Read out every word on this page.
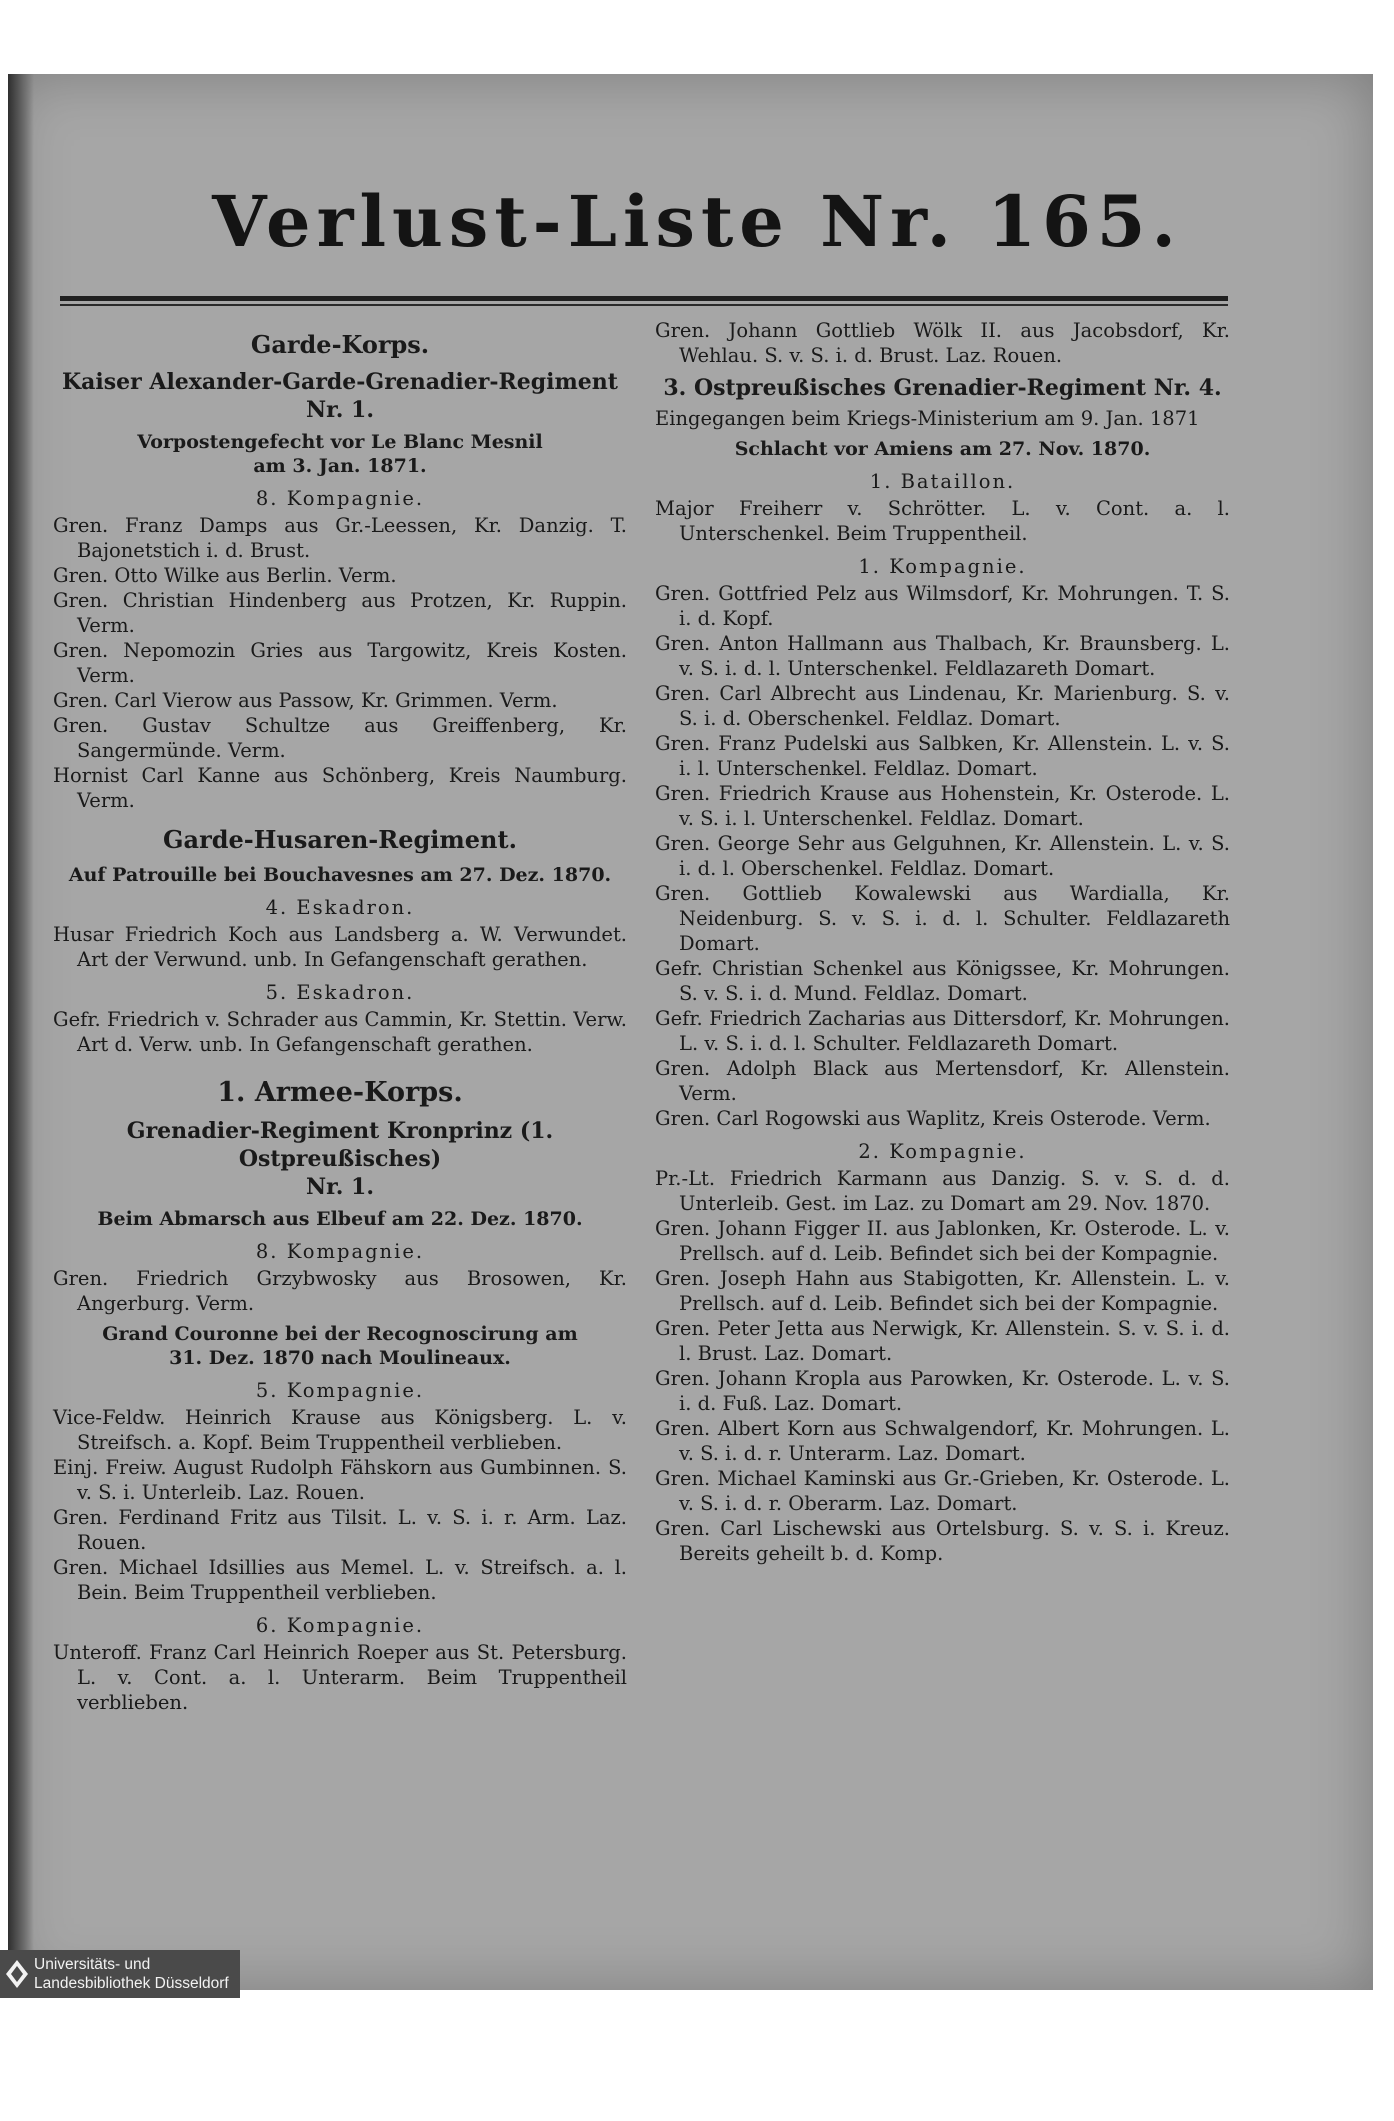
Verlust-Liste Nr. 165.
Garde-Korps.
Kaiser Alexander-Garde-Grenadier-Regiment
Nr. 1.
Vorpostengefecht vor Le Blanc Mesnil
am 3. Jan. 1871.
8. Kompagnie.
Gren. Franz Damps aus Gr.-Leessen, Kr. Danzig. T. Bajonetstich i. d. Brust.
Gren. Otto Wilke aus Berlin. Verm.
Gren. Christian Hindenberg aus Protzen, Kr. Ruppin. Verm.
Gren. Nepomozin Gries aus Targowitz, Kreis Kosten. Verm.
Gren. Carl Vierow aus Passow, Kr. Grimmen. Verm.
Gren. Gustav Schultze aus Greiffenberg, Kr. Sangermünde. Verm.
Hornist Carl Kanne aus Schönberg, Kreis Naumburg. Verm.
Garde-Husaren-Regiment.
Auf Patrouille bei Bouchavesnes am 27. Dez. 1870.
4. Eskadron.
Husar Friedrich Koch aus Landsberg a. W. Verwundet. Art der Verwund. unb. In Gefangenschaft gerathen.
5. Eskadron.
Gefr. Friedrich v. Schrader aus Cammin, Kr. Stettin. Verw. Art d. Verw. unb. In Gefangenschaft gerathen.
1. Armee-Korps.
Grenadier-Regiment Kronprinz (1. Ostpreußisches)
Nr. 1.
Beim Abmarsch aus Elbeuf am 22. Dez. 1870.
8. Kompagnie.
Gren. Friedrich Grzybwosky aus Brosowen, Kr. Angerburg. Verm.
Grand Couronne bei der Recognoscirung am
31. Dez. 1870 nach Moulineaux.
5. Kompagnie.
Vice-Feldw. Heinrich Krause aus Königsberg. L. v. Streifsch. a. Kopf. Beim Truppentheil verblieben.
Einj. Freiw. August Rudolph Fähskorn aus Gumbinnen. S. v. S. i. Unterleib. Laz. Rouen.
Gren. Ferdinand Fritz aus Tilsit. L. v. S. i. r. Arm. Laz. Rouen.
Gren. Michael Idsillies aus Memel. L. v. Streifsch. a. l. Bein. Beim Truppentheil verblieben.
6. Kompagnie.
Unteroff. Franz Carl Heinrich Roeper aus St. Petersburg. L. v. Cont. a. l. Unterarm. Beim Truppentheil verblieben.
Gren. Johann Gottlieb Wölk II. aus Jacobsdorf, Kr. Wehlau. S. v. S. i. d. Brust. Laz. Rouen.
3. Ostpreußisches Grenadier-Regiment Nr. 4.
Eingegangen beim Kriegs-Ministerium am 9. Jan. 1871
Schlacht vor Amiens am 27. Nov. 1870.
1. Bataillon.
Major Freiherr v. Schrötter. L. v. Cont. a. l. Unterschenkel. Beim Truppentheil.
1. Kompagnie.
Gren. Gottfried Pelz aus Wilmsdorf, Kr. Mohrungen. T. S. i. d. Kopf.
Gren. Anton Hallmann aus Thalbach, Kr. Braunsberg. L. v. S. i. d. l. Unterschenkel. Feldlazareth Domart.
Gren. Carl Albrecht aus Lindenau, Kr. Marienburg. S. v. S. i. d. Oberschenkel. Feldlaz. Domart.
Gren. Franz Pudelski aus Salbken, Kr. Allenstein. L. v. S. i. l. Unterschenkel. Feldlaz. Domart.
Gren. Friedrich Krause aus Hohenstein, Kr. Osterode. L. v. S. i. l. Unterschenkel. Feldlaz. Domart.
Gren. George Sehr aus Gelguhnen, Kr. Allenstein. L. v. S. i. d. l. Oberschenkel. Feldlaz. Domart.
Gren. Gottlieb Kowalewski aus Wardialla, Kr. Neidenburg. S. v. S. i. d. l. Schulter. Feldlazareth Domart.
Gefr. Christian Schenkel aus Königssee, Kr. Mohrungen. S. v. S. i. d. Mund. Feldlaz. Domart.
Gefr. Friedrich Zacharias aus Dittersdorf, Kr. Mohrungen. L. v. S. i. d. l. Schulter. Feldlazareth Domart.
Gren. Adolph Black aus Mertensdorf, Kr. Allenstein. Verm.
Gren. Carl Rogowski aus Waplitz, Kreis Osterode. Verm.
2. Kompagnie.
Pr.-Lt. Friedrich Karmann aus Danzig. S. v. S. d. d. Unterleib. Gest. im Laz. zu Domart am 29. Nov. 1870.
Gren. Johann Figger II. aus Jablonken, Kr. Osterode. L. v. Prellsch. auf d. Leib. Befindet sich bei der Kompagnie.
Gren. Joseph Hahn aus Stabigotten, Kr. Allenstein. L. v. Prellsch. auf d. Leib. Befindet sich bei der Kompagnie.
Gren. Peter Jetta aus Nerwigk, Kr. Allenstein. S. v. S. i. d. l. Brust. Laz. Domart.
Gren. Johann Kropla aus Parowken, Kr. Osterode. L. v. S. i. d. Fuß. Laz. Domart.
Gren. Albert Korn aus Schwalgendorf, Kr. Mohrungen. L. v. S. i. d. r. Unterarm. Laz. Domart.
Gren. Michael Kaminski aus Gr.-Grieben, Kr. Osterode. L. v. S. i. d. r. Oberarm. Laz. Domart.
Gren. Carl Lischewski aus Ortelsburg. S. v. S. i. Kreuz. Bereits geheilt b. d. Komp.
Universitäts- und
Landesbibliothek Düsseldorf
